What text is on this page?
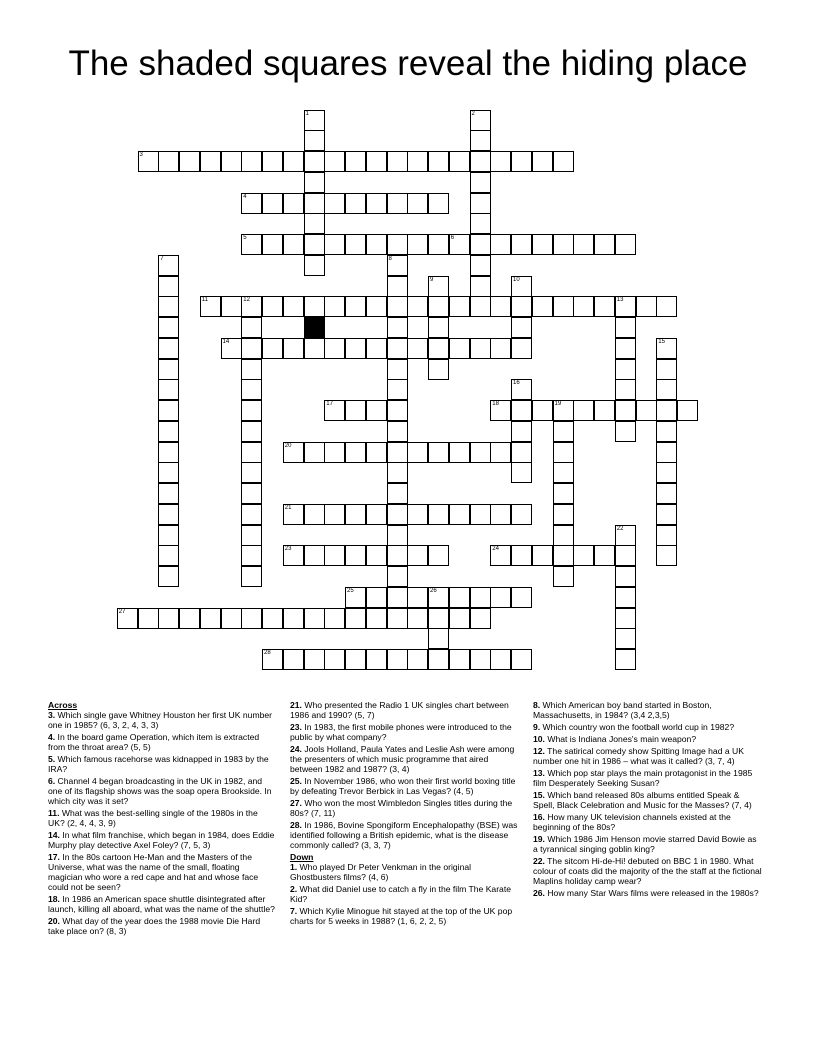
The shaded squares reveal the hiding place
1	2
3
4
5	6
7	8
9	10
11	12	13
14	15
16
17	18	19
20
21
22
23	24
25	26
27
28
Across
3. Which single gave Whitney Houston her first UK number one in 1985? (6, 3, 2, 4, 3, 3)
4. In the board game Operation, which item is extracted from the throat area? (5, 5)
5. Which famous racehorse was kidnapped in 1983 by the IRA?
6. Channel 4 began broadcasting in the UK in 1982, and one of its flagship shows was the soap opera Brookside. In which city was it set?
11. What was the best-selling single of the 1980s in the UK? (2, 4, 4, 3, 9)
14. In what film franchise, which began in 1984, does Eddie Murphy play detective Axel Foley? (7, 5, 3)
17. In the 80s cartoon He-Man and the Masters of the Universe, what was the name of the small, floating magician who wore a red cape and hat and whose face could not be seen?
18. In 1986 an American space shuttle disintegrated after launch, killing all aboard, what was the name of the shuttle?
20. What day of the year does the 1988 movie Die Hard take place on? (8, 3)
21. Who presented the Radio 1 UK singles chart between 1986 and 1990? (5, 7)
23. In 1983, the first mobile phones were introduced to the public by what company?
24. Jools Holland, Paula Yates and Leslie Ash were among the presenters of which music programme that aired between 1982 and 1987? (3, 4)
25. In November 1986, who won their first world boxing title by defeating Trevor Berbick in Las Vegas? (4, 5)
27. Who won the most Wimbledon Singles titles during the 80s? (7, 11)
28. In 1986, Bovine Spongiform Encephalopathy (BSE) was identified following a British epidemic, what is the disease commonly called? (3, 3, 7)
Down
1. Who played Dr Peter Venkman in the original Ghostbusters films? (4, 6)
2. What did Daniel use to catch a fly in the film The Karate Kid?
7. Which Kylie Minogue hit stayed at the top of the UK pop charts for 5 weeks in 1988? (1, 6, 2, 2, 5)
8. Which American boy band started in Boston, Massachusetts, in 1984? (3,4 2,3,5)
9. Which country won the football world cup in 1982?
10. What is Indiana Jones's main weapon?
12. The satirical comedy show Spitting Image had a UK number one hit in 1986 – what was it called? (3, 7, 4)
13. Which pop star plays the main protagonist in the 1985 film Desperately Seeking Susan?
15. Which band released 80s albums entitled Speak & Spell, Black Celebration and Music for the Masses? (7, 4)
16. How many UK television channels existed at the beginning of the 80s?
19. Which 1986 Jim Henson movie starred David Bowie as a tyrannical singing goblin king?
22. The sitcom Hi-de-Hi! debuted on BBC 1 in 1980. What colour of coats did the majority of the the staff at the fictional Maplins holiday camp wear?
26. How many Star Wars films were released in the 1980s?
